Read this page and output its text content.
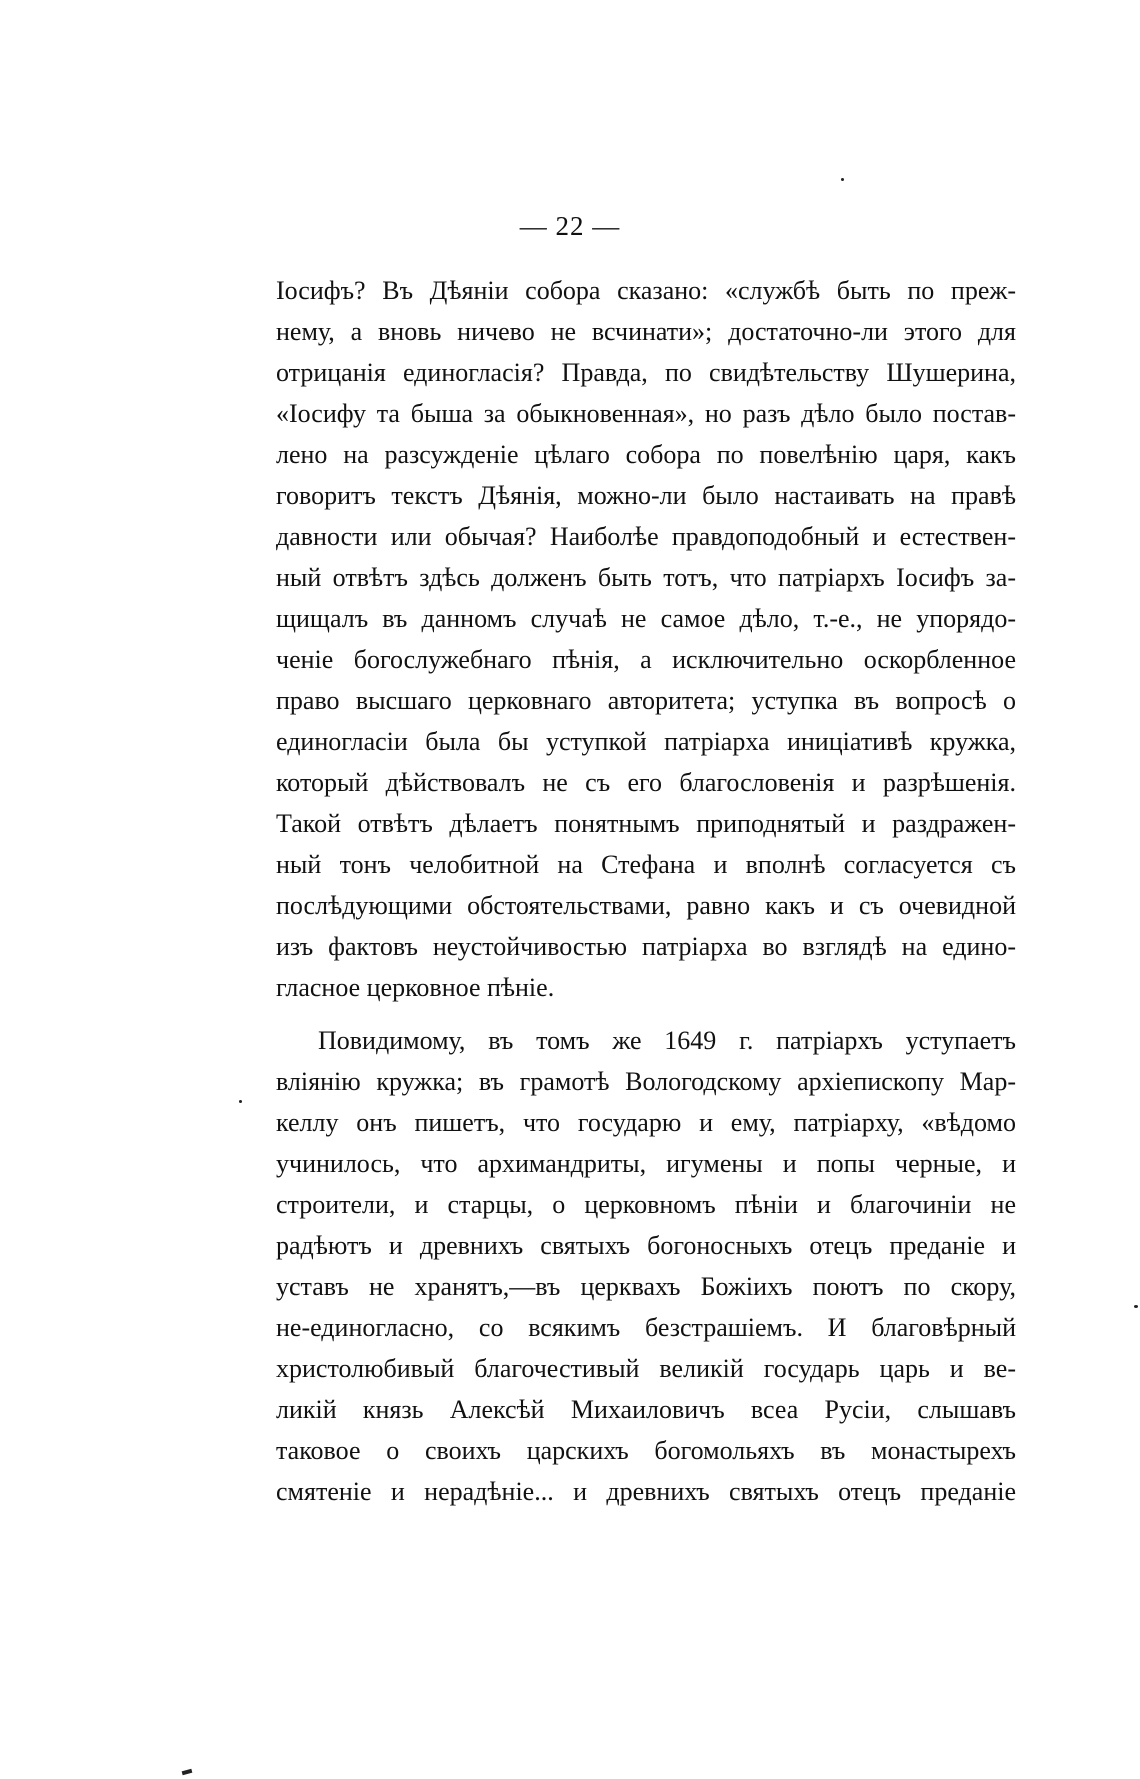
— 22 —
Іосифъ? Въ Дѣяніи собора сказано: «службѣ быть по преж-
нему, а вновь ничево не всчинати»; достаточно-ли этого для
отрицанія единогласія? Правда, по свидѣтельству Шушерина,
«Іосифу та быша за обыкновенная», но разъ дѣло было постав-
лено на разсужденіе цѣлаго собора по повелѣнію царя, какъ
говоритъ текстъ Дѣянія, можно-ли было настаивать на правѣ
давности или обычая? Наиболѣе правдоподобный и естествен-
ный отвѣтъ здѣсь долженъ быть тотъ, что патріархъ Іосифъ за-
щищалъ въ данномъ случаѣ не самое дѣло, т.-е., не упорядо-
ченіе богослужебнаго пѣнія, а исключительно оскорбленное
право высшаго церковнаго авторитета; уступка въ вопросѣ о
единогласіи была бы уступкой патріарха иниціативѣ кружка,
который дѣйствовалъ не съ его благословенія и разрѣшенія.
Такой отвѣтъ дѣлаетъ понятнымъ приподнятый и раздражен-
ный тонъ челобитной на Стефана и вполнѣ согласуется съ
послѣдующими обстоятельствами, равно какъ и съ очевидной
изъ фактовъ неустойчивостью патріарха во взглядѣ на едино-
гласное церковное пѣніе.
Повидимому, въ томъ же 1649 г. патріархъ уступаетъ
вліянію кружка; въ грамотѣ Вологодскому архіепископу Мар-
келлу онъ пишетъ, что государю и ему, патріарху, «вѣдомо
учинилось, что архимандриты, игумены и попы черные, и
строители, и старцы, о церковномъ пѣніи и благочиніи не
радѣютъ и древнихъ святыхъ богоносныхъ отецъ преданіе и
уставъ не хранятъ,—въ церквахъ Божіихъ поютъ по скору,
не-единогласно, со всякимъ безстрашіемъ. И благовѣрный
христолюбивый благочестивый великій государь царь и ве-
ликій князь Алексѣй Михаиловичъ всеа Русіи, слышавъ
таковое о своихъ царскихъ богомольяхъ въ монастырехъ
смятеніе и нерадѣніе... и древнихъ святыхъ отецъ преданіе
